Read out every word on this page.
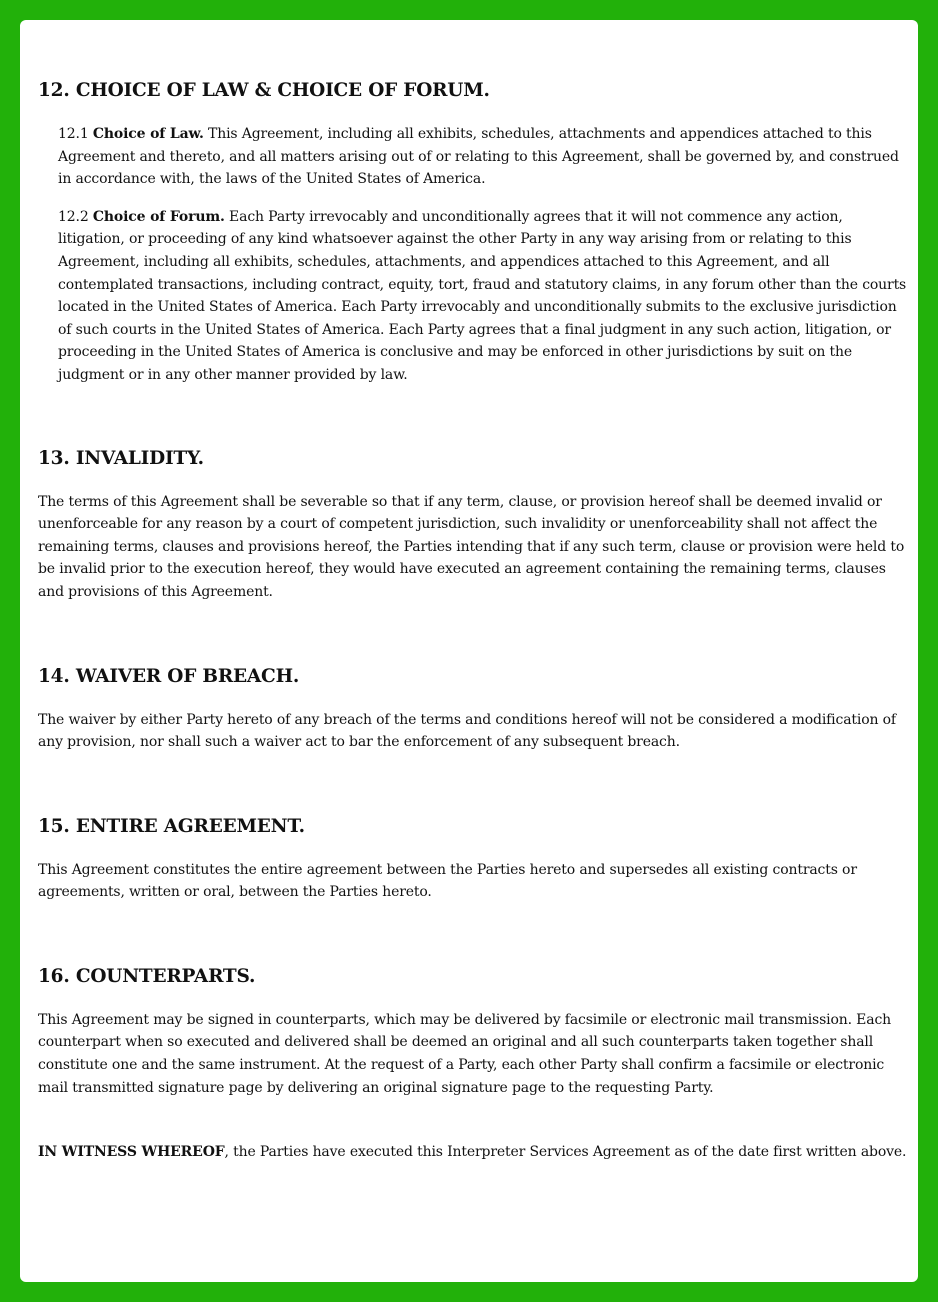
12. CHOICE OF LAW & CHOICE OF FORUM.

12.1 Choice of Law. This Agreement, including all exhibits, schedules, attachments and appendices attached to this Agreement and thereto, and all matters arising out of or relating to this Agreement, shall be governed by, and construed in accordance with, the laws of the United States of America.

12.2 Choice of Forum. Each Party irrevocably and unconditionally agrees that it will not commence any action, litigation, or proceeding of any kind whatsoever against the other Party in any way arising from or relating to this Agreement, including all exhibits, schedules, attachments, and appendices attached to this Agreement, and all contemplated transactions, including contract, equity, tort, fraud and statutory claims, in any forum other than the courts located in the United States of America. Each Party irrevocably and unconditionally submits to the exclusive jurisdiction of such courts in the United States of America. Each Party agrees that a final judgment in any such action, litigation, or proceeding in the United States of America is conclusive and may be enforced in other jurisdictions by suit on the judgment or in any other manner provided by law.

13. INVALIDITY.

The terms of this Agreement shall be severable so that if any term, clause, or provision hereof shall be deemed invalid or unenforceable for any reason by a court of competent jurisdiction, such invalidity or unenforceability shall not affect the remaining terms, clauses and provisions hereof, the Parties intending that if any such term, clause or provision were held to be invalid prior to the execution hereof, they would have executed an agreement containing the remaining terms, clauses and provisions of this Agreement.

14. WAIVER OF BREACH.

The waiver by either Party hereto of any breach of the terms and conditions hereof will not be considered a modification of any provision, nor shall such a waiver act to bar the enforcement of any subsequent breach.

15. ENTIRE AGREEMENT.

This Agreement constitutes the entire agreement between the Parties hereto and supersedes all existing contracts or agreements, written or oral, between the Parties hereto.

16. COUNTERPARTS.

This Agreement may be signed in counterparts, which may be delivered by facsimile or electronic mail transmission. Each counterpart when so executed and delivered shall be deemed an original and all such counterparts taken together shall constitute one and the same instrument. At the request of a Party, each other Party shall confirm a facsimile or electronic mail transmitted signature page by delivering an original signature page to the requesting Party.

IN WITNESS WHEREOF, the Parties have executed this Interpreter Services Agreement as of the date first written above.
